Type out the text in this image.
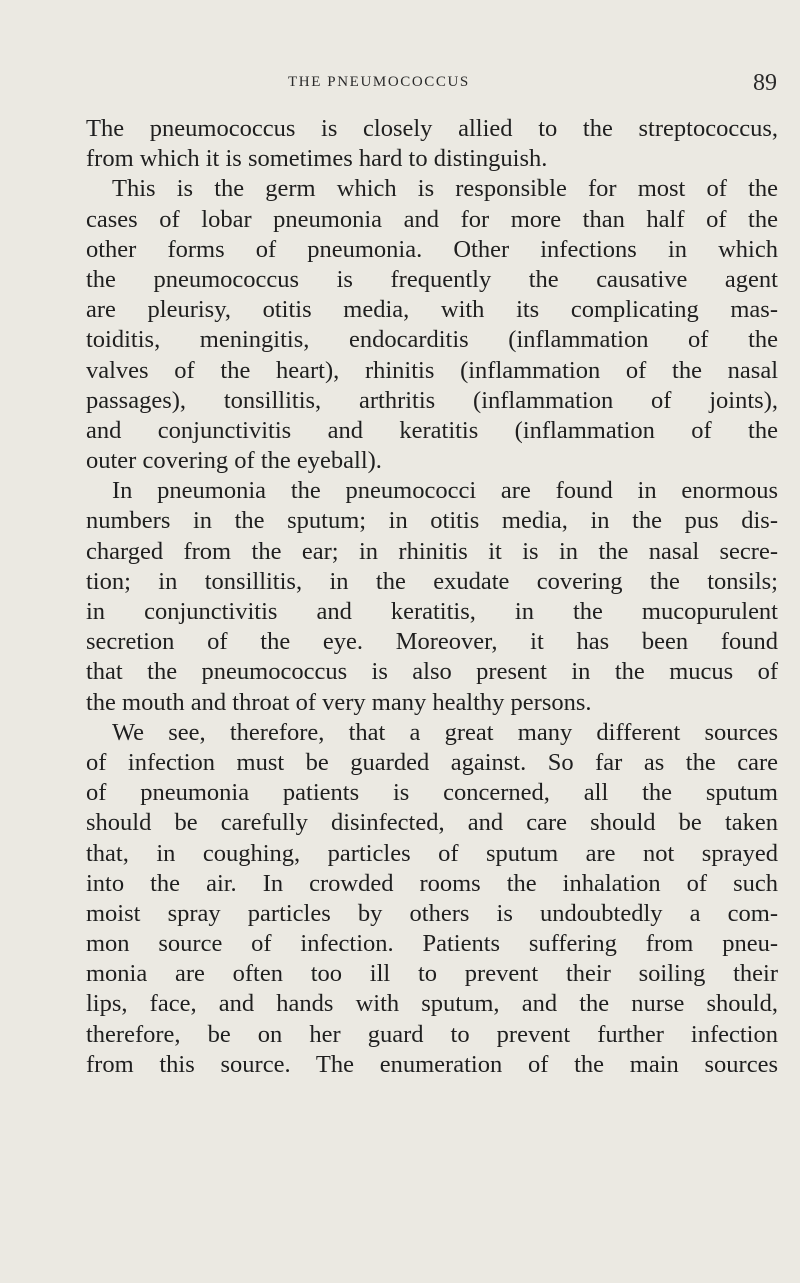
THE PNEUMOCOCCUS	89
The pneumococcus is closely allied to the streptococcus,
from which it is sometimes hard to distinguish.
This is the germ which is responsible for most of the
cases of lobar pneumonia and for more than half of the
other forms of pneumonia. Other infections in which
the pneumococcus is frequently the causative agent
are pleurisy, otitis media, with its complicating mas-
toiditis, meningitis, endocarditis (inflammation of the
valves of the heart), rhinitis (inflammation of the nasal
passages), tonsillitis, arthritis (inflammation of joints),
and conjunctivitis and keratitis (inflammation of the
outer covering of the eyeball).
In pneumonia the pneumococci are found in enormous
numbers in the sputum; in otitis media, in the pus dis-
charged from the ear; in rhinitis it is in the nasal secre-
tion; in tonsillitis, in the exudate covering the tonsils;
in conjunctivitis and keratitis, in the mucopurulent
secretion of the eye. Moreover, it has been found
that the pneumococcus is also present in the mucus of
the mouth and throat of very many healthy persons.
We see, therefore, that a great many different sources
of infection must be guarded against. So far as the care
of pneumonia patients is concerned, all the sputum
should be carefully disinfected, and care should be taken
that, in coughing, particles of sputum are not sprayed
into the air. In crowded rooms the inhalation of such
moist spray particles by others is undoubtedly a com-
mon source of infection. Patients suffering from pneu-
monia are often too ill to prevent their soiling their
lips, face, and hands with sputum, and the nurse should,
therefore, be on her guard to prevent further infection
from this source. The enumeration of the main sources
